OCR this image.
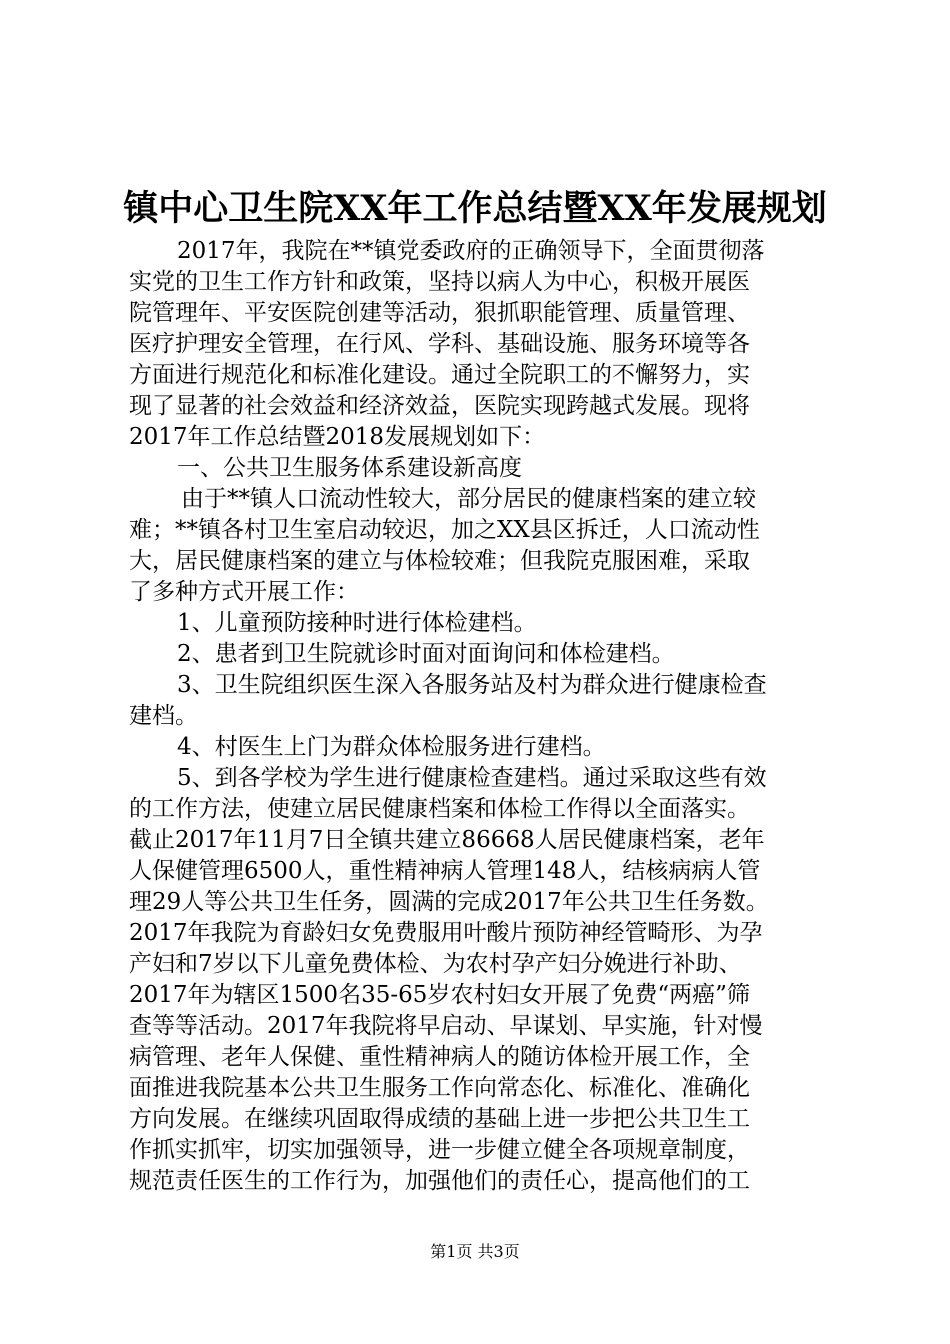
镇中心卫生院XX年工作总结暨XX年发展规划
2017年，我院在**镇党委政府的正确领导下，全面贯彻落
实党的卫生工作方针和政策，坚持以病人为中心，积极开展医
院管理年、平安医院创建等活动，狠抓职能管理、质量管理、
医疗护理安全管理，在行风、学科、基础设施、服务环境等各
方面进行规范化和标准化建设。通过全院职工的不懈努力，实
现了显著的社会效益和经济效益，医院实现跨越式发展。现将
2017年工作总结暨2018发展规划如下：
一、公共卫生服务体系建设新高度
由于**镇人口流动性较大，部分居民的健康档案的建立较
难；**镇各村卫生室启动较迟，加之XX县区拆迁，人口流动性
大，居民健康档案的建立与体检较难；但我院克服困难，采取
了多种方式开展工作：
1、儿童预防接种时进行体检建档。
2、患者到卫生院就诊时面对面询问和体检建档。
3、卫生院组织医生深入各服务站及村为群众进行健康检查
建档。
4、村医生上门为群众体检服务进行建档。
5、到各学校为学生进行健康检查建档。通过采取这些有效
的工作方法，使建立居民健康档案和体检工作得以全面落实。
截止2017年11月7日全镇共建立86668人居民健康档案，老年
人保健管理6500人，重性精神病人管理148人，结核病病人管
理29人等公共卫生任务，圆满的完成2017年公共卫生任务数。
2017年我院为育龄妇女免费服用叶酸片预防神经管畸形、为孕
产妇和7岁以下儿童免费体检、为农村孕产妇分娩进行补助、
2017年为辖区1500名35-65岁农村妇女开展了免费“两癌”筛
查等等活动。2017年我院将早启动、早谋划、早实施，针对慢
病管理、老年人保健、重性精神病人的随访体检开展工作，全
面推进我院基本公共卫生服务工作向常态化、标准化、准确化
方向发展。在继续巩固取得成绩的基础上进一步把公共卫生工
作抓实抓牢，切实加强领导，进一步健立健全各项规章制度，
规范责任医生的工作行为，加强他们的责任心，提高他们的工
第1页 共3页
